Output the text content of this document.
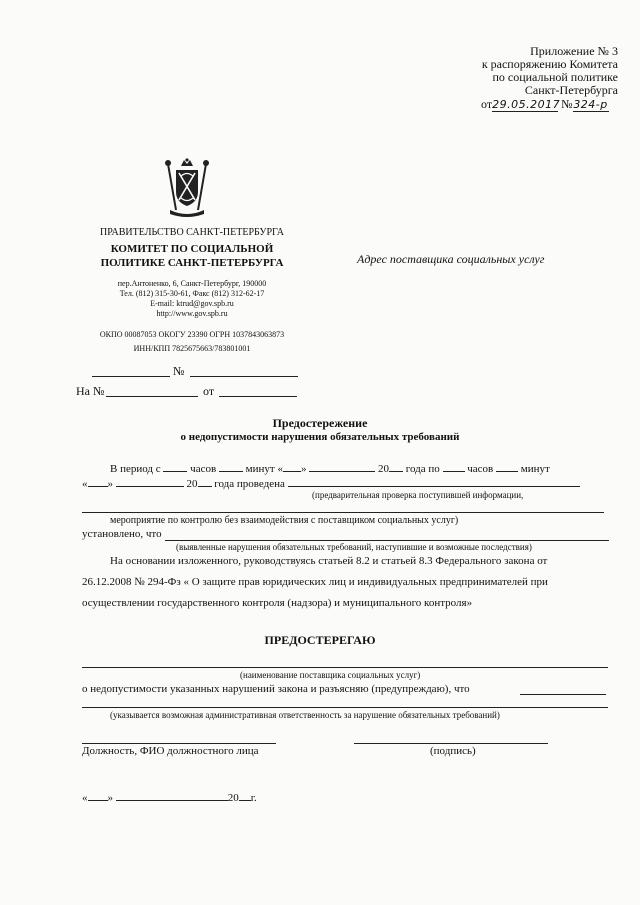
Приложение № 3
к распоряжению Комитета
по социальной политике
Санкт-Петербурга
от29.05.2017 №324-р
ПРАВИТЕЛЬСТВО САНКТ-ПЕТЕРБУРГА
КОМИТЕТ ПО СОЦИАЛЬНОЙ
ПОЛИТИКЕ САНКТ-ПЕТЕРБУРГА
пер.Антоненко, 6, Санкт-Петербург, 190000
Тел. (812) 315-30-61, Факс (812) 312-62-17
E-mail: ktrud@gov.spb.ru
http://www.gov.spb.ru
ОКПО 00087053 ОКОГУ 23390 ОГРН 1037843063873
ИНН/КПП 7825675663/783801001
№
На №	от
Адрес поставщика социальных услуг
Предостережение
о недопустимости нарушения обязательных требований
В период с	часов	минут « »	20 года по	часов	минут
« »	20 года проведена
(предварительная проверка поступившей информации,
мероприятие по контролю без взаимодействия с поставщиком социальных услуг)
установлено, что
(выявленные нарушения обязательных требований, наступившие и возможные последствия)
На основании изложенного, руководствуясь статьей 8.2 и статьей 8.3 Федерального закона от
26.12.2008 № 294-Фз « О защите прав юридических лиц и индивидуальных предпринимателей при
осуществлении государственного контроля (надзора) и муниципального контроля»
ПРЕДОСТЕРЕГАЮ
(наименование поставщика социальных услуг)
о недопустимости указанных нарушений закона и разъясняю (предупреждаю), что
(указывается возможная административная ответственность за нарушение обязательных требований)
Должность, ФИО должностного лица	(подпись)
« »	20 г.
